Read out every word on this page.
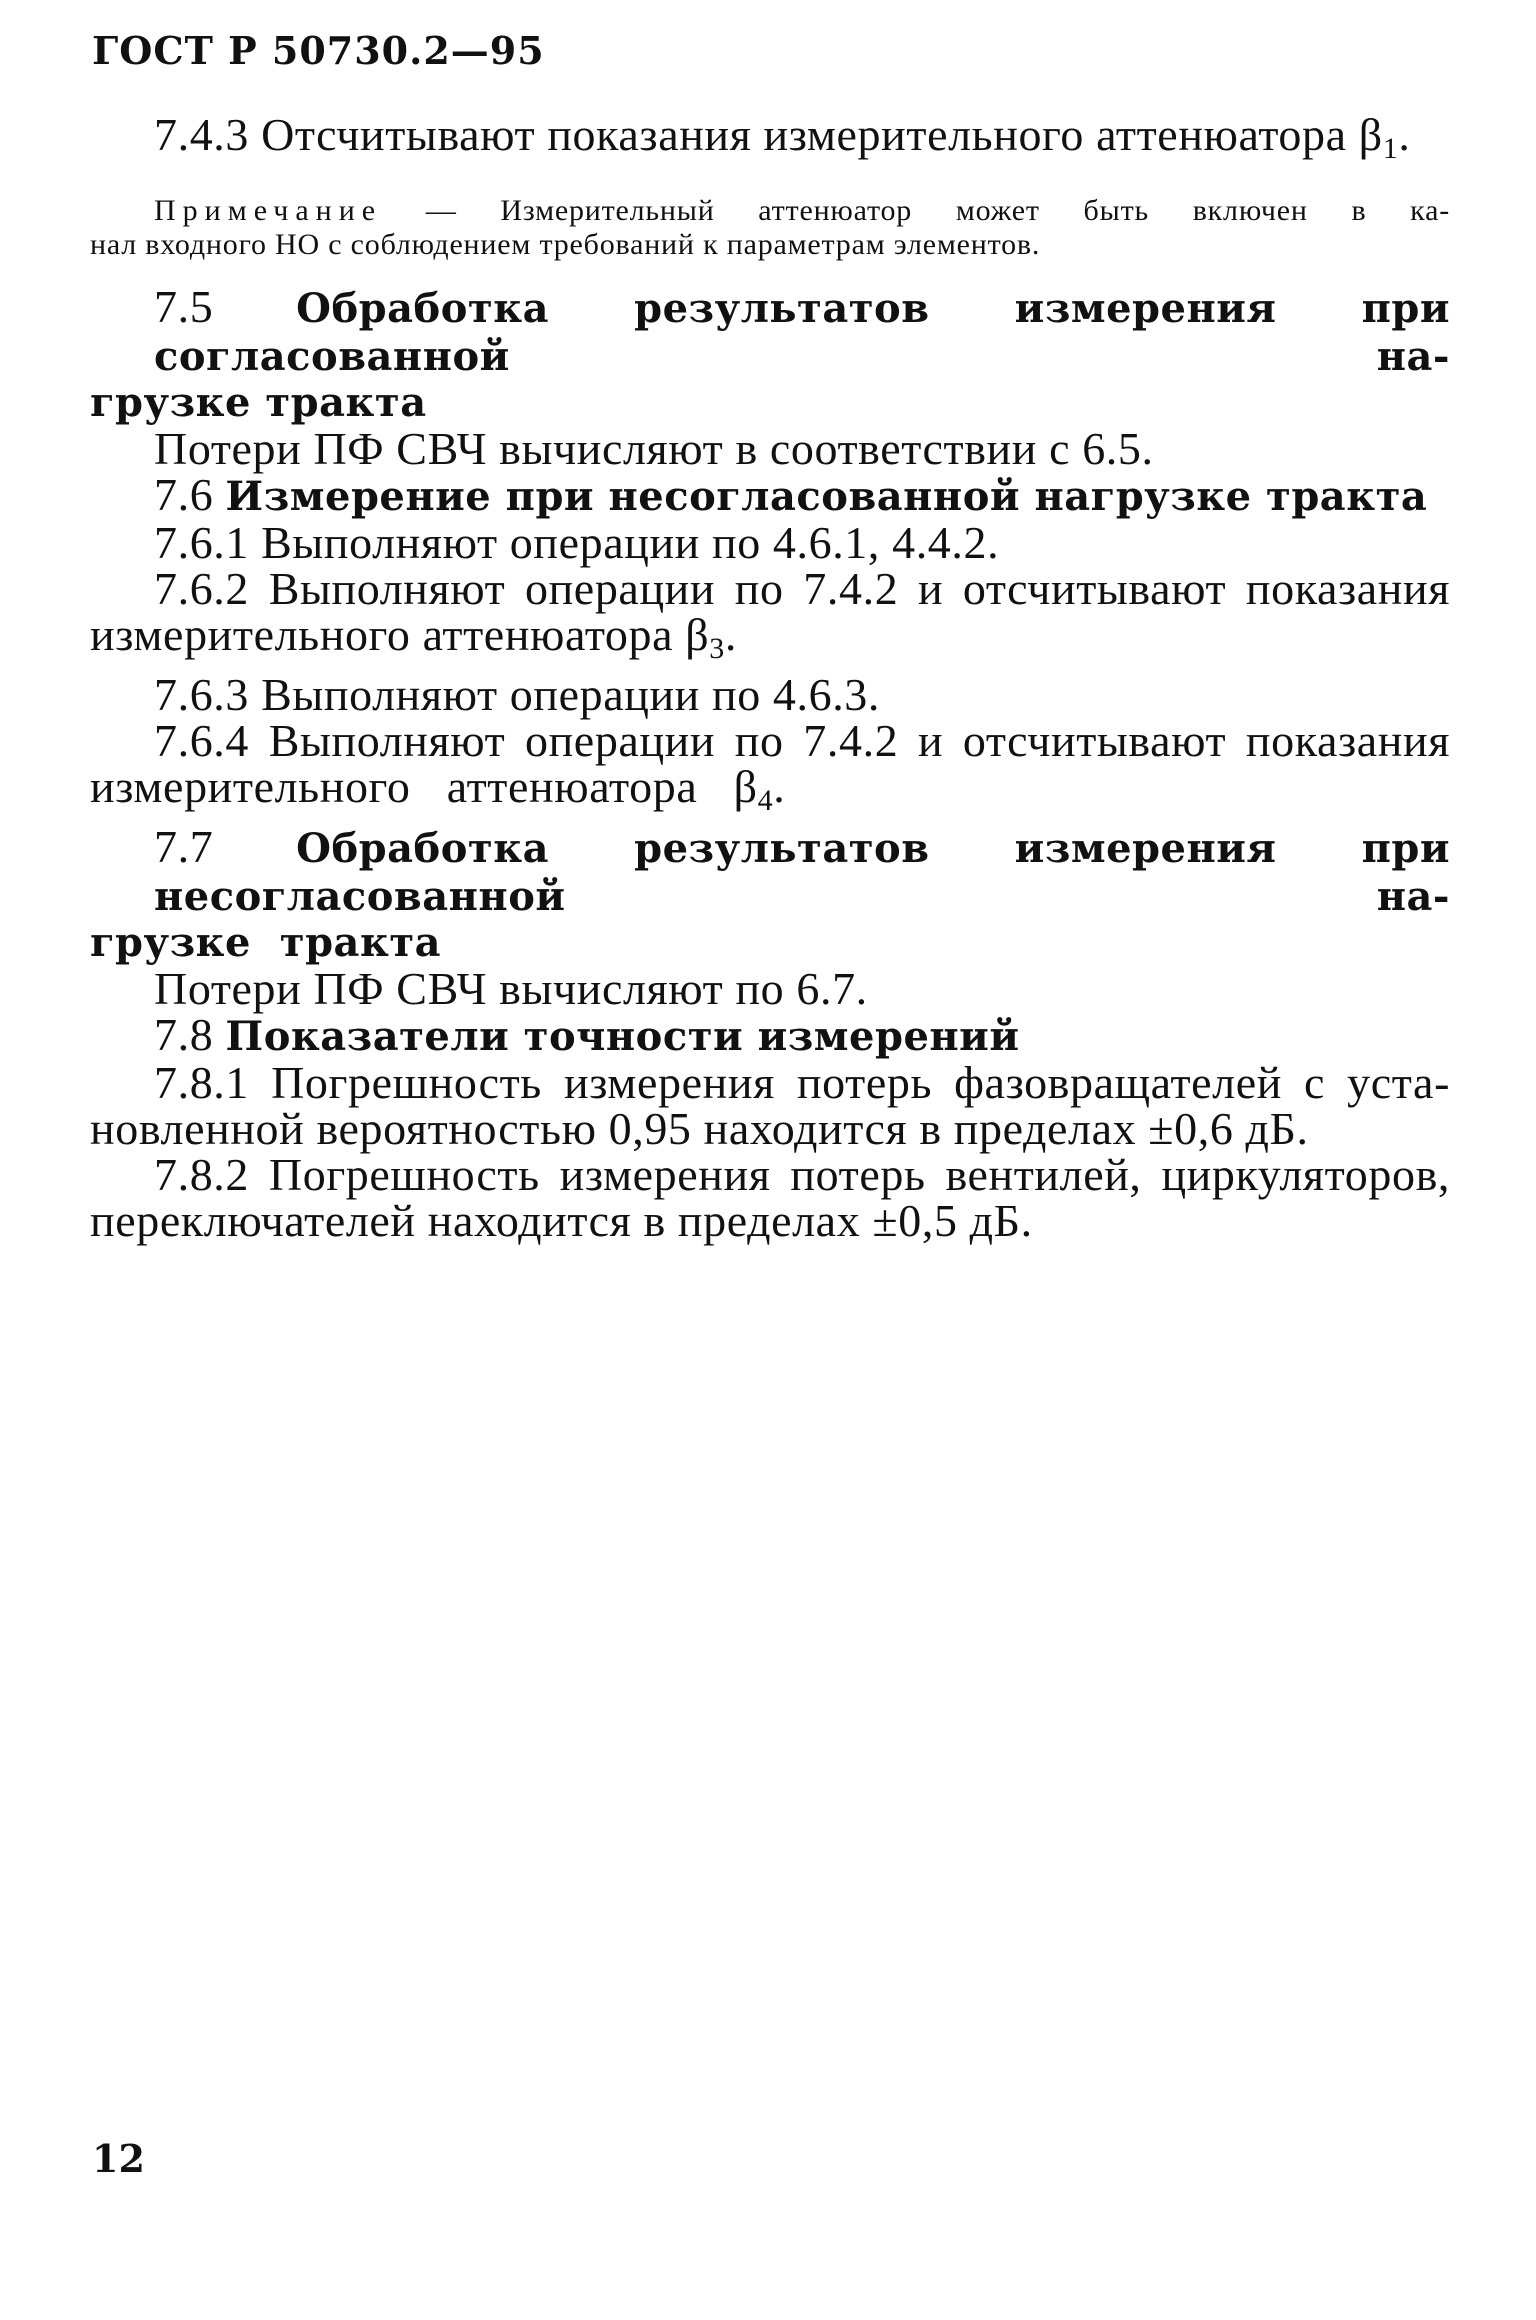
ГОСТ Р 50730.2—95

7.4.3 Отсчитывают показания измерительного аттенюатора $\beta_1$.

Примечание — Измерительный аттенюатор может быть включен в ка-

нал входного НО с соблюдением требований к параметрам элементов.

7.5 Обработка результатов измерения при согласованной на-

грузке тракта

Потери ПФ СВЧ вычисляют в соответствии с 6.5.

7.6 Измерение при несогласованной нагрузке тракта

7.6.1 Выполняют операции по 4.6.1, 4.4.2.

7.6.2 Выполняют операции по 7.4.2 и отсчитывают показания

измерительного аттенюатора $\beta_3$.

7.6.3 Выполняют операции по 4.6.3.

7.6.4 Выполняют операции по 7.4.2 и отсчитывают показания

измерительного   аттенюатора   $\beta_4$.

7.7 Обработка результатов измерения при несогласованной на-

грузке  тракта

Потери ПФ СВЧ вычисляют по 6.7.

7.8 Показатели точности измерений

7.8.1 Погрешность измерения потерь фазовращателей с уста-

новленной вероятностью 0,95 находится в пределах ±0,6 дБ.

7.8.2 Погрешность измерения потерь вентилей, циркуляторов,

переключателей находится в пределах ±0,5 дБ.

12
